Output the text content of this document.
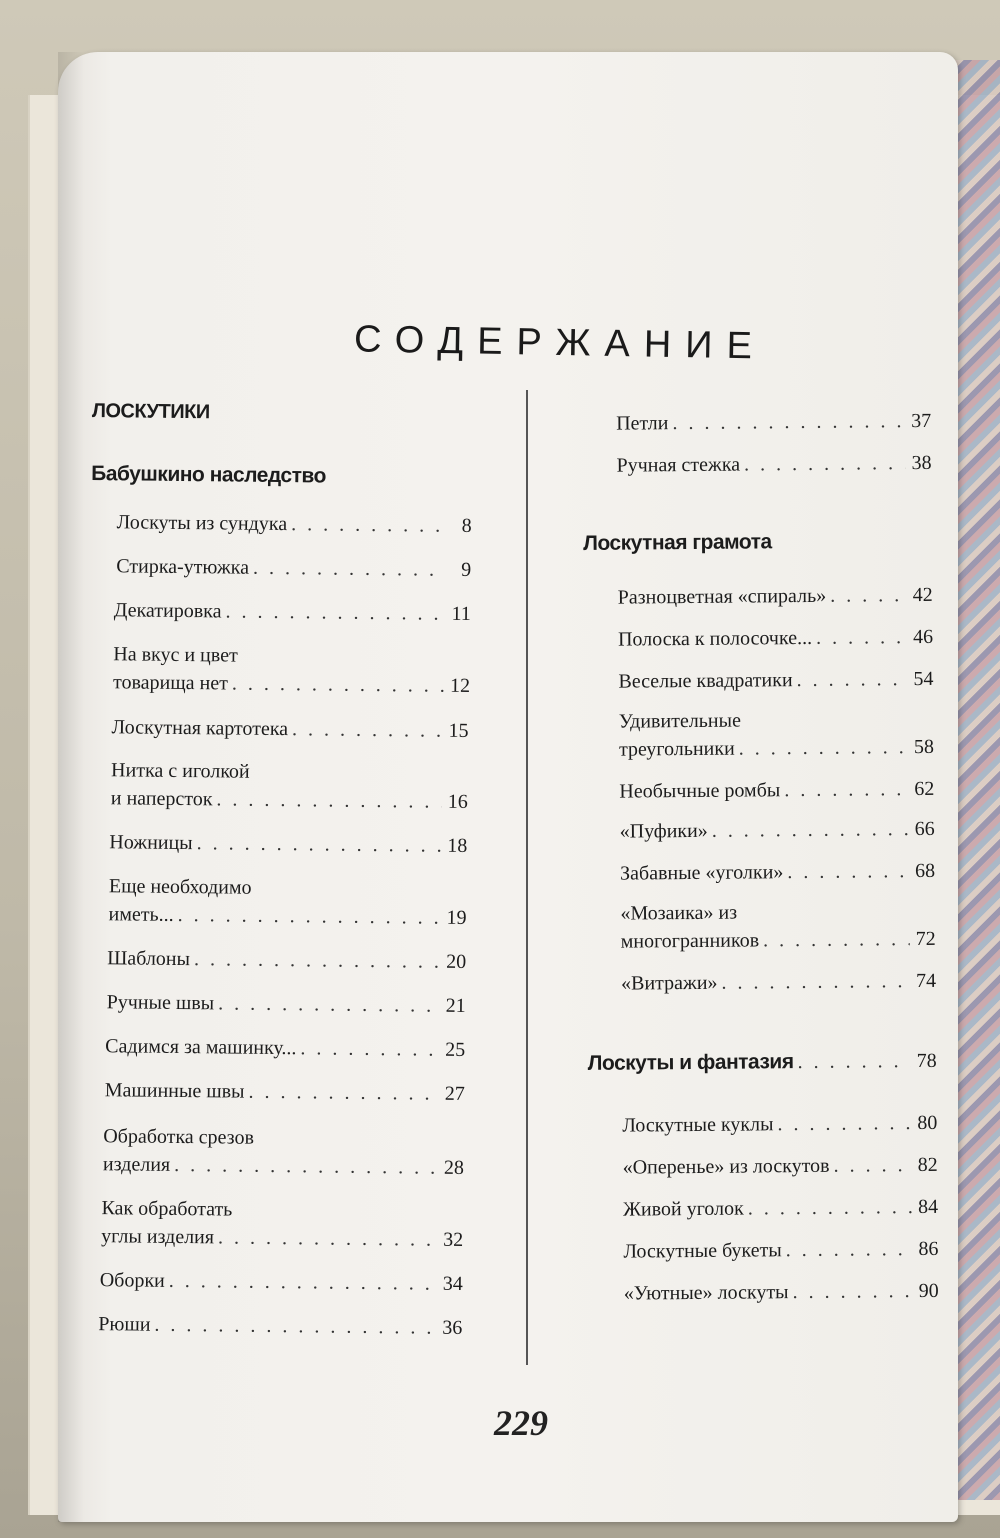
СОДЕРЖАНИЕ
ЛОСКУТИКИ
Бабушкино наследство
Лоскуты из сундука . . .	8
Стирка-утюжка . . .	9
Декатировка . . .	11
На вкус и цвет
товарища нет . . .	12
Лоскутная картотека . . .	15
Нитка с иголкой
и наперсток . . .	16
Ножницы . . .	18
Еще необходимо
иметь... . . .	19
Шаблоны . . .	20
Ручные швы . . .	21
Садимся за машинку... . . .	25
Машинные швы . . .	27
Обработка срезов
изделия . . .	28
Как обработать
углы изделия . . .	32
Оборки . . .	34
Рюши . . .	36
Петли . . .	37
Ручная стежка . . .	38
Лоскутная грамота
Разноцветная «спираль» . . .	42
Полоска к полосочке... . . .	46
Веселые квадратики . . .	54
Удивительные
треугольники . . .	58
Необычные ромбы . . .	62
«Пуфики» . . .	66
Забавные «уголки» . . .	68
«Мозаика» из
многогранников . . .	72
«Витражи» . . .	74
Лоскуты и фантазия . . .	78
Лоскутные куклы . . .	80
«Оперенье» из лоскутов . . .	82
Живой уголок . . .	84
Лоскутные букеты . . .	86
«Уютные» лоскуты . . .	90
229
